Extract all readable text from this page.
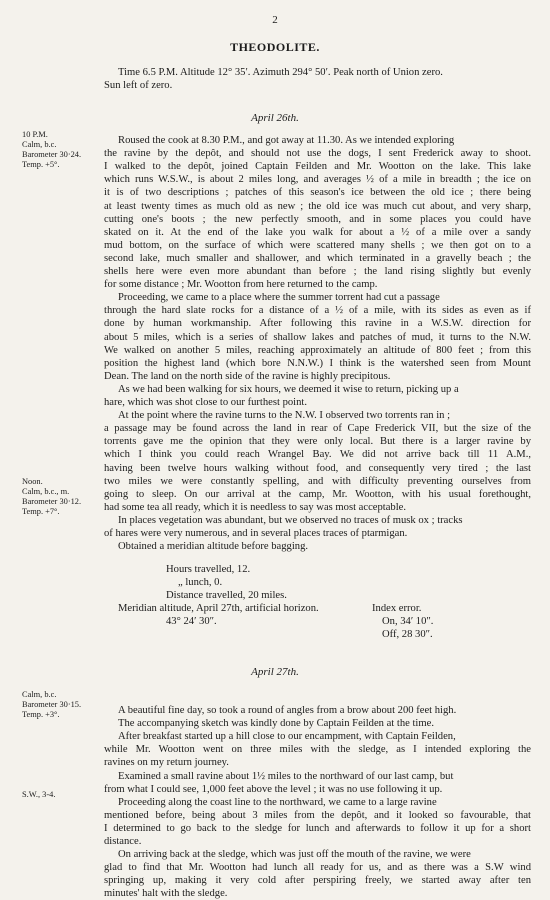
2
THEODOLITE.
Time 6.5 P.M. Altitude 12° 35′. Azimuth 294° 50′. Peak north of Union zero.
Sun left of zero.
April 26th.
10 P.M.
Calm, b.c.
Barometer 30·24.
Temp. +5°.
Noon.
Calm, b.c., m.
Barometer 30·12.
Temp. +7°.
Roused the cook at 8.30 P.M., and got away at 11.30. As we intended exploring
the ravine by the depôt, and should not use the dogs, I sent Frederick away to shoot.
I walked to the depôt, joined Captain Feilden and Mr. Wootton on the lake. This lake
which runs W.S.W., is about 2 miles long, and averages ½ of a mile in breadth ; the ice on
it is of two descriptions ; patches of this season's ice between the old ice ; there being
at least twenty times as much old as new ; the old ice was much cut about, and very sharp,
cutting one's boots ; the new perfectly smooth, and in some places you could have
skated on it. At the end of the lake you walk for about a ½ of a mile over a sandy
mud bottom, on the surface of which were scattered many shells ; we then got on to a
second lake, much smaller and shallower, and which terminated in a gravelly beach ; the
shells here were even more abundant than before ; the land rising slightly but evenly
for some distance ; Mr. Wootton from here returned to the camp.
Proceeding, we came to a place where the summer torrent had cut a passage
through the hard slate rocks for a distance of a ½ of a mile, with its sides as even as if
done by human workmanship. After following this ravine in a W.S.W. direction for
about 5 miles, which is a series of shallow lakes and patches of mud, it turns to the N.W.
We walked on another 5 miles, reaching approximately an altitude of 800 feet ; from this
position the highest land (which bore N.N.W.) I think is the watershed seen from Mount
Dean. The land on the north side of the ravine is highly precipitous.
As we had been walking for six hours, we deemed it wise to return, picking up a
hare, which was shot close to our furthest point.
At the point where the ravine turns to the N.W. I observed two torrents ran in ;
a passage may be found across the land in rear of Cape Frederick VII, but the size of the
torrents gave me the opinion that they were only local. But there is a larger ravine by
which I think you could reach Wrangel Bay. We did not arrive back till 11 A.M.,
having been twelve hours walking without food, and consequently very tired ; the last
two miles we were constantly spelling, and with difficulty preventing ourselves from
going to sleep. On our arrival at the camp, Mr. Wootton, with his usual forethought,
had some tea all ready, which it is needless to say was most acceptable.
In places vegetation was abundant, but we observed no traces of musk ox ; tracks
of hares were very numerous, and in several places traces of ptarmigan.
Obtained a meridian altitude before bagging.
Hours travelled, 12.
„ lunch, 0.
Distance travelled, 20 miles.
Meridian altitude, April 27th, artificial horizon.
43° 24′ 30″.
Index error.
On, 34′ 10″.
Off, 28 30″.
April 27th.
Calm, b.c.
Barometer 30·15.
Temp. +3°.
S.W., 3-4.
A beautiful fine day, so took a round of angles from a brow about 200 feet high.
The accompanying sketch was kindly done by Captain Feilden at the time.
After breakfast started up a hill close to our encampment, with Captain Feilden,
while Mr. Wootton went on three miles with the sledge, as I intended exploring the
ravines on my return journey.
Examined a small ravine about 1½ miles to the northward of our last camp, but
from what I could see, 1,000 feet above the level ; it was no use following it up.
Proceeding along the coast line to the northward, we came to a large ravine
mentioned before, being about 3 miles from the depôt, and it looked so favourable, that
I determined to go back to the sledge for lunch and afterwards to follow it up for a short
distance.
On arriving back at the sledge, which was just off the mouth of the ravine, we were
glad to find that Mr. Wootton had lunch all ready for us, and as there was a S.W wind
springing up, making it very cold after perspiring freely, we started away after ten
minutes' halt with the sledge.
